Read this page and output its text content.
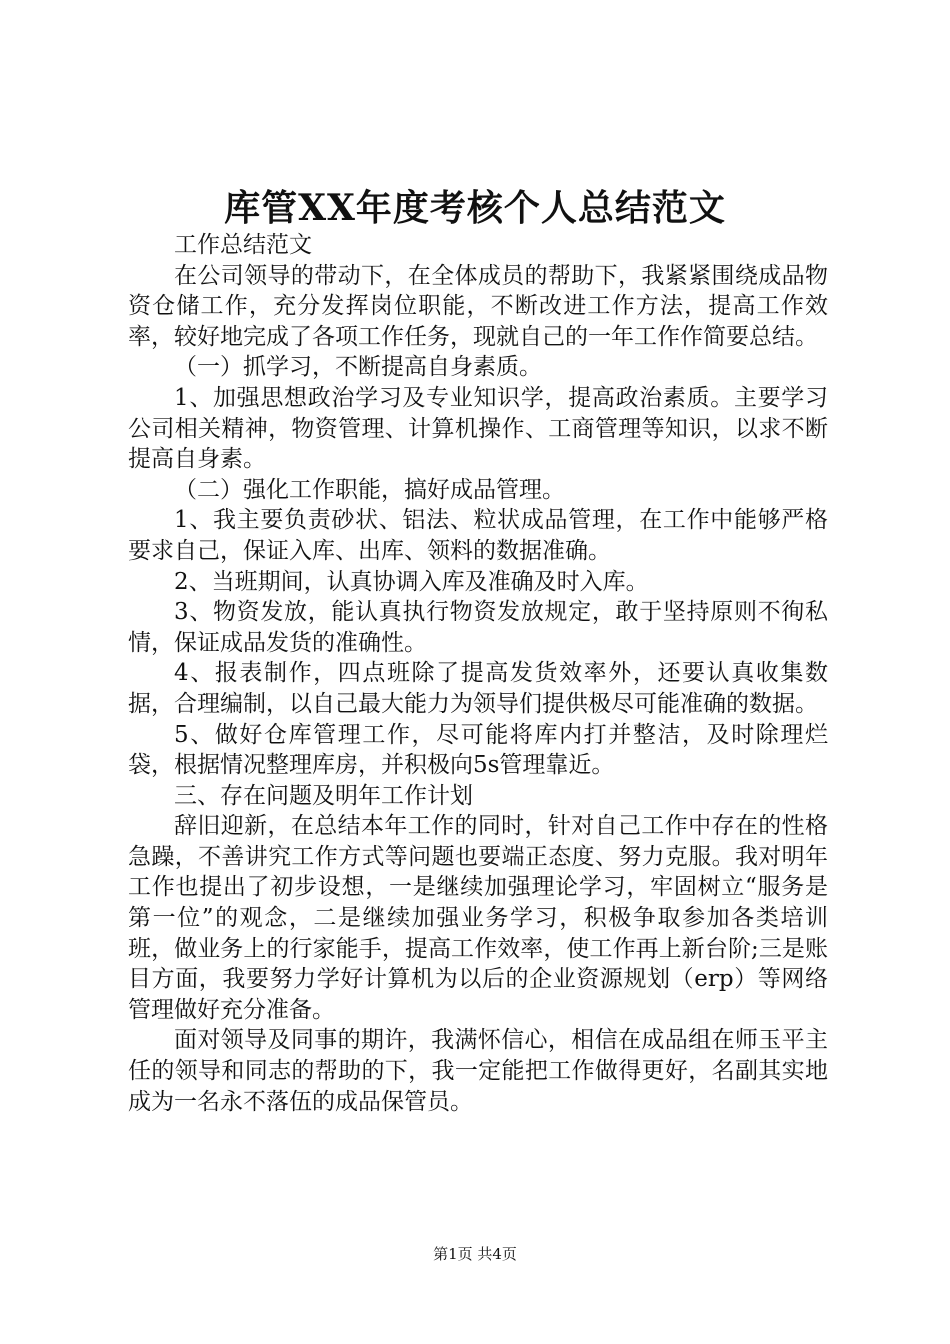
库管XX年度考核个人总结范文

工作总结范文

在公司领导的带动下，在全体成员的帮助下，我紧紧围绕成品物资仓储工作，充分发挥岗位职能，不断改进工作方法，提高工作效率，较好地完成了各项工作任务，现就自己的一年工作作简要总结。

（一）抓学习，不断提高自身素质。

1、加强思想政治学习及专业知识学，提高政治素质。主要学习公司相关精神，物资管理、计算机操作、工商管理等知识，以求不断提高自身素。

（二）强化工作职能，搞好成品管理。

1、我主要负责砂状、铝法、粒状成品管理，在工作中能够严格要求自己，保证入库、出库、领料的数据准确。

2、当班期间，认真协调入库及准确及时入库。

3、物资发放，能认真执行物资发放规定，敢于坚持原则不徇私情，保证成品发货的准确性。

4、报表制作，四点班除了提高发货效率外，还要认真收集数据，合理编制，以自己最大能力为领导们提供极尽可能准确的数据。

5、做好仓库管理工作，尽可能将库内打并整洁，及时除理烂袋，根据情况整理库房，并积极向5s管理靠近。

三、存在问题及明年工作计划

辞旧迎新，在总结本年工作的同时，针对自己工作中存在的性格急躁，不善讲究工作方式等问题也要端正态度、努力克服。我对明年工作也提出了初步设想，一是继续加强理论学习，牢固树立“服务是第一位”的观念，二是继续加强业务学习，积极争取参加各类培训班，做业务上的行家能手，提高工作效率，使工作再上新台阶;三是账目方面，我要努力学好计算机为以后的企业资源规划（erp）等网络管理做好充分准备。

面对领导及同事的期许，我满怀信心，相信在成品组在师玉平主任的领导和同志的帮助的下，我一定能把工作做得更好，名副其实地成为一名永不落伍的成品保管员。

第1页 共4页
